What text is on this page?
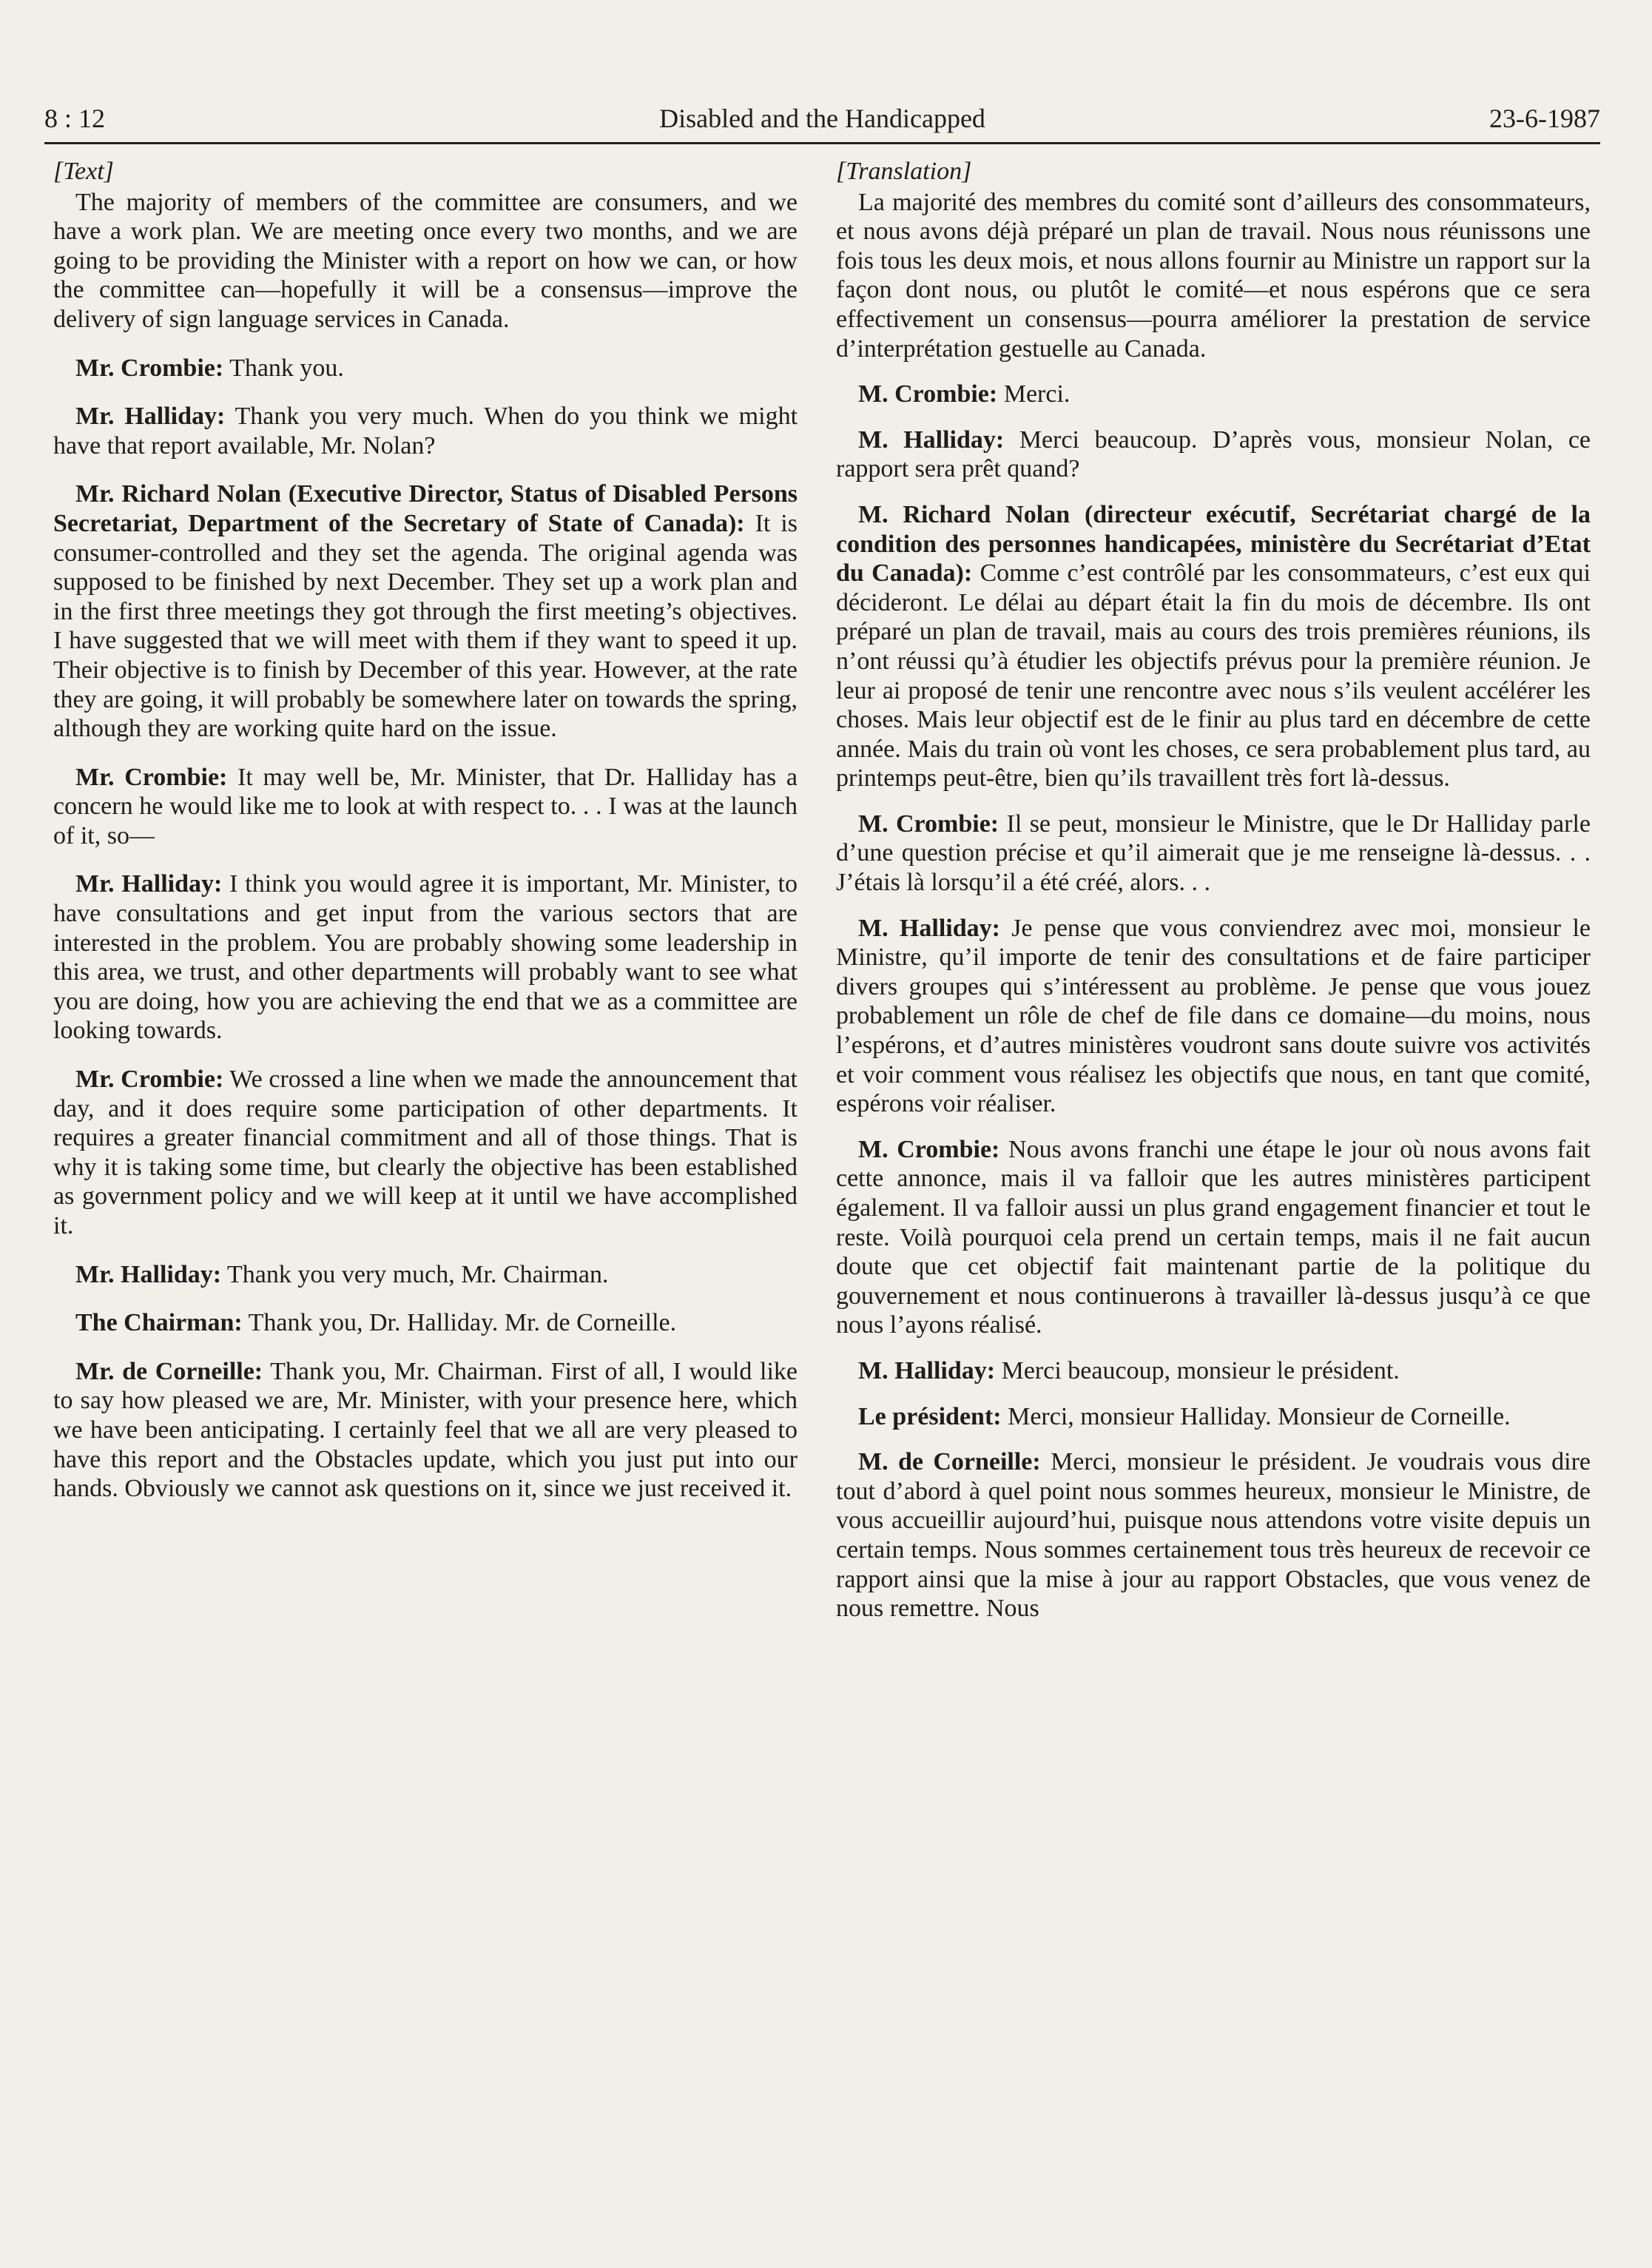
8 : 12	Disabled and the Handicapped	23-6-1987

[Text]

The majority of members of the committee are consumers, and we have a work plan. We are meeting once every two months, and we are going to be providing the Minister with a report on how we can, or how the committee can—hopefully it will be a consensus—improve the delivery of sign language services in Canada.

Mr. Crombie: Thank you.

Mr. Halliday: Thank you very much. When do you think we might have that report available, Mr. Nolan?

Mr. Richard Nolan (Executive Director, Status of Disabled Persons Secretariat, Department of the Secretary of State of Canada): It is consumer-controlled and they set the agenda. The original agenda was supposed to be finished by next December. They set up a work plan and in the first three meetings they got through the first meeting’s objectives. I have suggested that we will meet with them if they want to speed it up. Their objective is to finish by December of this year. However, at the rate they are going, it will probably be somewhere later on towards the spring, although they are working quite hard on the issue.

Mr. Crombie: It may well be, Mr. Minister, that Dr. Halliday has a concern he would like me to look at with respect to. . . I was at the launch of it, so—

Mr. Halliday: I think you would agree it is important, Mr. Minister, to have consultations and get input from the various sectors that are interested in the problem. You are probably showing some leadership in this area, we trust, and other departments will probably want to see what you are doing, how you are achieving the end that we as a committee are looking towards.

Mr. Crombie: We crossed a line when we made the announcement that day, and it does require some participation of other departments. It requires a greater financial commitment and all of those things. That is why it is taking some time, but clearly the objective has been established as government policy and we will keep at it until we have accomplished it.

Mr. Halliday: Thank you very much, Mr. Chairman.

The Chairman: Thank you, Dr. Halliday. Mr. de Corneille.

Mr. de Corneille: Thank you, Mr. Chairman. First of all, I would like to say how pleased we are, Mr. Minister, with your presence here, which we have been anticipating. I certainly feel that we all are very pleased to have this report and the Obstacles update, which you just put into our hands. Obviously we cannot ask questions on it, since we just received it.

[Translation]

La majorité des membres du comité sont d’ailleurs des consommateurs, et nous avons déjà préparé un plan de travail. Nous nous réunissons une fois tous les deux mois, et nous allons fournir au Ministre un rapport sur la façon dont nous, ou plutôt le comité—et nous espérons que ce sera effectivement un consensus—pourra améliorer la prestation de service d’interprétation gestuelle au Canada.

M. Crombie: Merci.

M. Halliday: Merci beaucoup. D’après vous, monsieur Nolan, ce rapport sera prêt quand?

M. Richard Nolan (directeur exécutif, Secrétariat chargé de la condition des personnes handicapées, ministère du Secrétariat d’Etat du Canada): Comme c’est contrôlé par les consommateurs, c’est eux qui décideront. Le délai au départ était la fin du mois de décembre. Ils ont préparé un plan de travail, mais au cours des trois premières réunions, ils n’ont réussi qu’à étudier les objectifs prévus pour la première réunion. Je leur ai proposé de tenir une rencontre avec nous s’ils veulent accélérer les choses. Mais leur objectif est de le finir au plus tard en décembre de cette année. Mais du train où vont les choses, ce sera probablement plus tard, au printemps peut-être, bien qu’ils travaillent très fort là-dessus.

M. Crombie: Il se peut, monsieur le Ministre, que le Dr Halliday parle d’une question précise et qu’il aimerait que je me renseigne là-dessus. . . J’étais là lorsqu’il a été créé, alors. . .

M. Halliday: Je pense que vous conviendrez avec moi, monsieur le Ministre, qu’il importe de tenir des consultations et de faire participer divers groupes qui s’intéressent au problème. Je pense que vous jouez probablement un rôle de chef de file dans ce domaine—du moins, nous l’espérons, et d’autres ministères voudront sans doute suivre vos activités et voir comment vous réalisez les objectifs que nous, en tant que comité, espérons voir réaliser.

M. Crombie: Nous avons franchi une étape le jour où nous avons fait cette annonce, mais il va falloir que les autres ministères participent également. Il va falloir aussi un plus grand engagement financier et tout le reste. Voilà pourquoi cela prend un certain temps, mais il ne fait aucun doute que cet objectif fait maintenant partie de la politique du gouvernement et nous continuerons à travailler là-dessus jusqu’à ce que nous l’ayons réalisé.

M. Halliday: Merci beaucoup, monsieur le président.

Le président: Merci, monsieur Halliday. Monsieur de Corneille.

M. de Corneille: Merci, monsieur le président. Je voudrais vous dire tout d’abord à quel point nous sommes heureux, monsieur le Ministre, de vous accueillir aujourd’hui, puisque nous attendons votre visite depuis un certain temps. Nous sommes certainement tous très heureux de recevoir ce rapport ainsi que la mise à jour au rapport Obstacles, que vous venez de nous remettre. Nous
